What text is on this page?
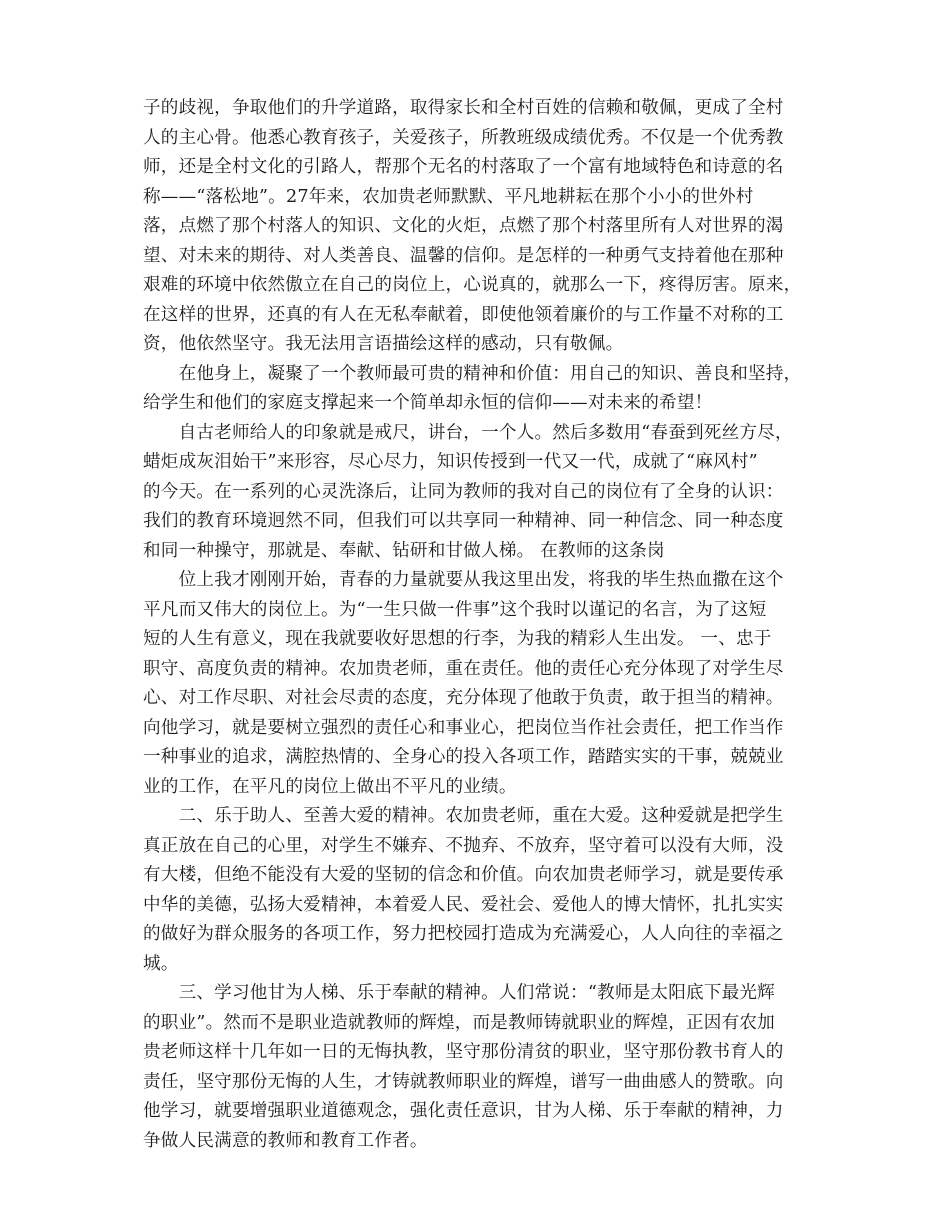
子的歧视，争取他们的升学道路，取得家长和全村百姓的信赖和敬佩，更成了全村
人的主心骨。他悉心教育孩子，关爱孩子，所教班级成绩优秀。不仅是一个优秀教
师，还是全村文化的引路人，帮那个无名的村落取了一个富有地域特色和诗意的名
称——“落松地”。27年来，农加贵老师默默、平凡地耕耘在那个小小的世外村
落，点燃了那个村落人的知识、文化的火炬，点燃了那个村落里所有人对世界的渴
望、对未来的期待、对人类善良、温馨的信仰。是怎样的一种勇气支持着他在那种
艰难的环境中依然傲立在自己的岗位上，心说真的，就那么一下，疼得厉害。原来，
在这样的世界，还真的有人在无私奉献着，即使他领着廉价的与工作量不对称的工
资，他依然坚守。我无法用言语描绘这样的感动，只有敬佩。
　　在他身上，凝聚了一个教师最可贵的精神和价值：用自己的知识、善良和坚持，
给学生和他们的家庭支撑起来一个简单却永恒的信仰——对未来的希望！
　　自古老师给人的印象就是戒尺，讲台，一个人。然后多数用“春蚕到死丝方尽，
蜡炬成灰泪始干”来形容，尽心尽力，知识传授到一代又一代，成就了“麻风村”
的今天。在一系列的心灵洗涤后，让同为教师的我对自己的岗位有了全身的认识：
我们的教育环境迥然不同，但我们可以共享同一种精神、同一种信念、同一种态度
和同一种操守，那就是、奉献、钻研和甘做人梯。 在教师的这条岗
　　位上我才刚刚开始，青春的力量就要从我这里出发，将我的毕生热血撒在这个
平凡而又伟大的岗位上。为“一生只做一件事”这个我时以谨记的名言，为了这短
短的人生有意义，现在我就要收好思想的行李，为我的精彩人生出发。 一、忠于
职守、高度负责的精神。农加贵老师，重在责任。他的责任心充分体现了对学生尽
心、对工作尽职、对社会尽责的态度，充分体现了他敢于负责，敢于担当的精神。
向他学习，就是要树立强烈的责任心和事业心，把岗位当作社会责任，把工作当作
一种事业的追求，满腔热情的、全身心的投入各项工作，踏踏实实的干事，兢兢业
业的工作，在平凡的岗位上做出不平凡的业绩。
　　二、乐于助人、至善大爱的精神。农加贵老师，重在大爱。这种爱就是把学生
真正放在自己的心里，对学生不嫌弃、不抛弃、不放弃，坚守着可以没有大师，没
有大楼，但绝不能没有大爱的坚韧的信念和价值。向农加贵老师学习，就是要传承
中华的美德，弘扬大爱精神，本着爱人民、爱社会、爱他人的博大情怀，扎扎实实
的做好为群众服务的各项工作，努力把校园打造成为充满爱心，人人向往的幸福之
城。
　　三、学习他甘为人梯、乐于奉献的精神。人们常说：“教师是太阳底下最光辉
的职业”。然而不是职业造就教师的辉煌，而是教师铸就职业的辉煌，正因有农加
贵老师这样十几年如一日的无悔执教，坚守那份清贫的职业，坚守那份教书育人的
责任，坚守那份无悔的人生，才铸就教师职业的辉煌，谱写一曲曲感人的赞歌。向
他学习，就要增强职业道德观念，强化责任意识，甘为人梯、乐于奉献的精神，力
争做人民满意的教师和教育工作者。
